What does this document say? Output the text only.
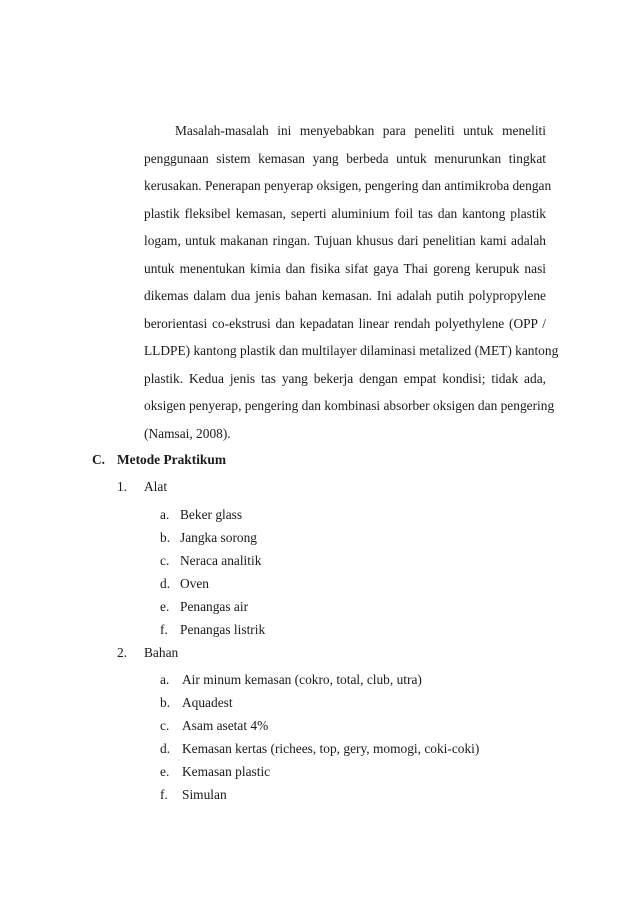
Masalah-masalah ini menyebabkan para peneliti untuk meneliti
penggunaan sistem kemasan yang berbeda untuk menurunkan tingkat
kerusakan. Penerapan penyerap oksigen, pengering dan antimikroba dengan
plastik fleksibel kemasan, seperti aluminium foil tas dan kantong plastik
logam, untuk makanan ringan. Tujuan khusus dari penelitian kami adalah
untuk menentukan kimia dan fisika sifat gaya Thai goreng kerupuk nasi
dikemas dalam dua jenis bahan kemasan. Ini adalah putih polypropylene
berorientasi co-ekstrusi dan kepadatan linear rendah polyethylene (OPP /
LLDPE) kantong plastik dan multilayer dilaminasi metalized (MET) kantong
plastik. Kedua jenis tas yang bekerja dengan empat kondisi; tidak ada,
oksigen penyerap, pengering dan kombinasi absorber oksigen dan pengering
(Namsai, 2008).
C. Metode Praktikum
1. Alat
a. Beker glass
b. Jangka sorong
c. Neraca analitik
d. Oven
e. Penangas air
f. Penangas listrik
2. Bahan
a. Air minum kemasan (cokro, total, club, utra)
b. Aquadest
c. Asam asetat 4%
d. Kemasan kertas (richees, top, gery, momogi, coki-coki)
e. Kemasan plastic
f. Simulan
